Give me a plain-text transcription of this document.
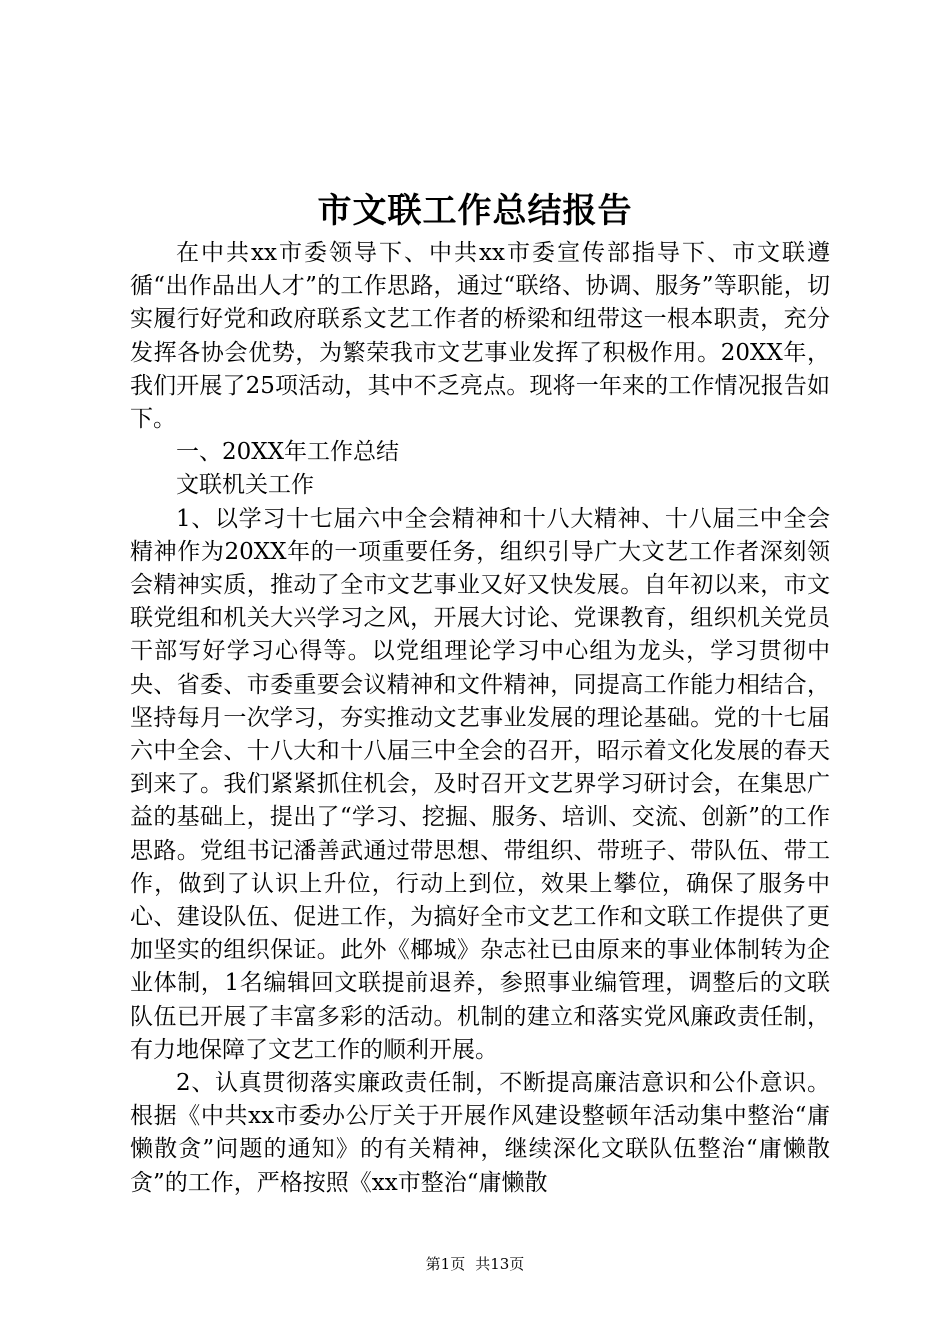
市文联工作总结报告

在中共xx市委领导下、中共xx市委宣传部指导下、市文联遵循“出作品出人才”的工作思路，通过“联络、协调、服务”等职能，切实履行好党和政府联系文艺工作者的桥梁和纽带这一根本职责，充分发挥各协会优势，为繁荣我市文艺事业发挥了积极作用。20XX年，我们开展了25项活动，其中不乏亮点。现将一年来的工作情况报告如下。

一、20XX年工作总结

文联机关工作

1、以学习十七届六中全会精神和十八大精神、十八届三中全会精神作为20XX年的一项重要任务，组织引导广大文艺工作者深刻领会精神实质，推动了全市文艺事业又好又快发展。自年初以来，市文联党组和机关大兴学习之风，开展大讨论、党课教育，组织机关党员干部写好学习心得等。以党组理论学习中心组为龙头，学习贯彻中央、省委、市委重要会议精神和文件精神，同提高工作能力相结合，坚持每月一次学习，夯实推动文艺事业发展的理论基础。党的十七届六中全会、十八大和十八届三中全会的召开，昭示着文化发展的春天到来了。我们紧紧抓住机会，及时召开文艺界学习研讨会，在集思广益的基础上，提出了“学习、挖掘、服务、培训、交流、创新”的工作思路。党组书记潘善武通过带思想、带组织、带班子、带队伍、带工作，做到了认识上升位，行动上到位，效果上攀位，确保了服务中心、建设队伍、促进工作，为搞好全市文艺工作和文联工作提供了更加坚实的组织保证。此外《椰城》杂志社已由原来的事业体制转为企业体制，1名编辑回文联提前退养，参照事业编管理，调整后的文联队伍已开展了丰富多彩的活动。机制的建立和落实党风廉政责任制，有力地保障了文艺工作的顺利开展。

2、认真贯彻落实廉政责任制，不断提高廉洁意识和公仆意识。根据《中共xx市委办公厅关于开展作风建设整顿年活动集中整治“庸懒散贪”问题的通知》的有关精神，继续深化文联队伍整治“庸懒散贪”的工作，严格按照《xx市整治“庸懒散

第1页 共13页
